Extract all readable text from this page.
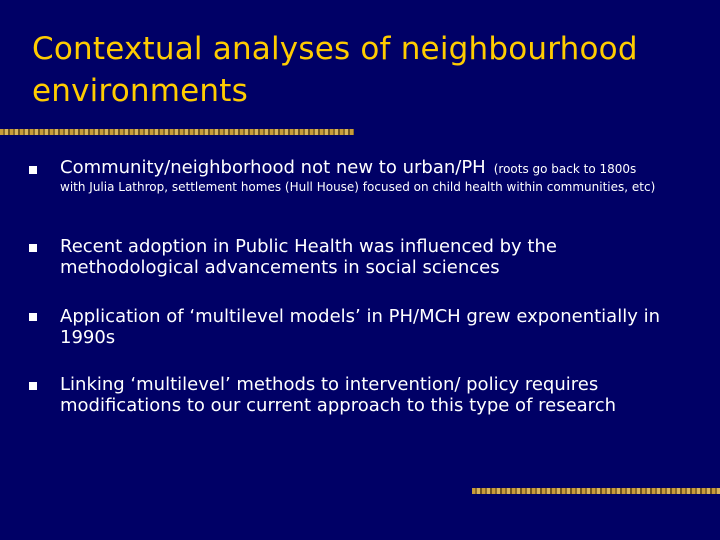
Contextual analyses of neighbourhood environments
Community/neighborhood not new to urban/PH (roots go back to 1800s
with Julia Lathrop, settlement homes (Hull House) focused on child health within communities, etc)
Recent adoption in Public Health was influenced by the methodological advancements in social sciences
Application of ‘multilevel models’ in PH/MCH grew exponentially in 1990s
Linking ‘multilevel’ methods to intervention/ policy requires modifications to our current approach to this type of research
